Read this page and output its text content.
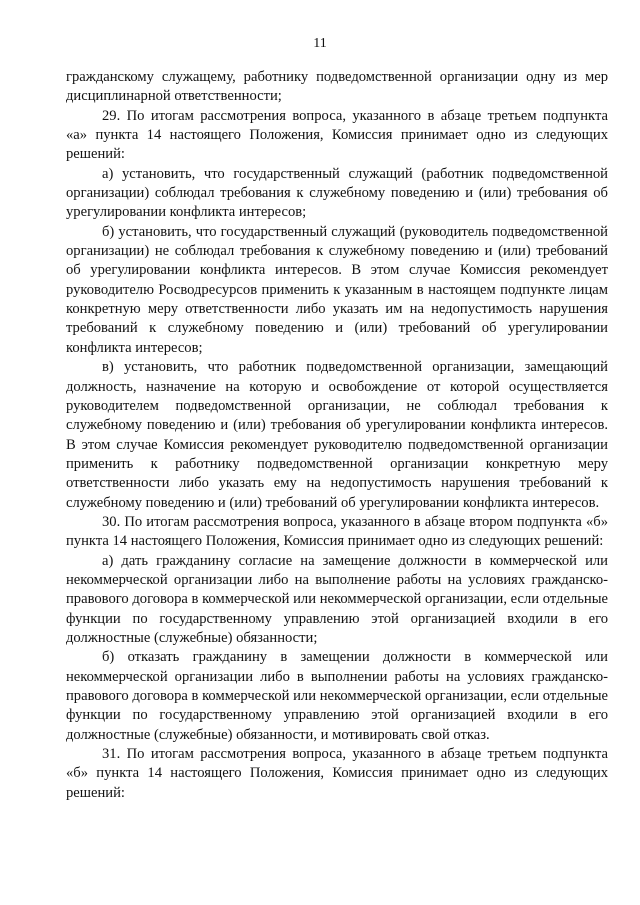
11

гражданскому служащему, работнику подведомственной организации одну из мер дисциплинарной ответственности;

29. По итогам рассмотрения вопроса, указанного в абзаце третьем подпункта «а» пункта 14 настоящего Положения, Комиссия принимает одно из следующих решений:

а) установить, что государственный служащий (работник подведомственной организации) соблюдал требования к служебному поведению и (или) требования об урегулировании конфликта интересов;

б) установить, что государственный служащий (руководитель подведомственной организации) не соблюдал требования к служебному поведению и (или) требований об урегулировании конфликта интересов. В этом случае Комиссия рекомендует руководителю Росводресурсов применить к указанным в настоящем подпункте лицам конкретную меру ответственности либо указать им на недопустимость нарушения требований к служебному поведению и (или) требований об урегулировании конфликта интересов;

в) установить, что работник подведомственной организации, замещающий должность, назначение на которую и освобождение от которой осуществляется руководителем подведомственной организации, не соблюдал требования к служебному поведению и (или) требования об урегулировании конфликта интересов. В этом случае Комиссия рекомендует руководителю подведомственной организации применить к работнику подведомственной организации конкретную меру ответственности либо указать ему на недопустимость нарушения требований к служебному поведению и (или) требований об урегулировании конфликта интересов.

30. По итогам рассмотрения вопроса, указанного в абзаце втором подпункта «б» пункта 14 настоящего Положения, Комиссия принимает одно из следующих решений:

а) дать гражданину согласие на замещение должности в коммерческой или некоммерческой организации либо на выполнение работы на условиях гражданско-правового договора в коммерческой или некоммерческой организации, если отдельные функции по государственному управлению этой организацией входили в его должностные (служебные) обязанности;

б) отказать гражданину в замещении должности в коммерческой или некоммерческой организации либо в выполнении работы на условиях гражданско-правового договора в коммерческой или некоммерческой организации, если отдельные функции по государственному управлению этой организацией входили в его должностные (служебные) обязанности, и мотивировать свой отказ.

31. По итогам рассмотрения вопроса, указанного в абзаце третьем подпункта «б» пункта 14 настоящего Положения, Комиссия принимает одно из следующих решений:
